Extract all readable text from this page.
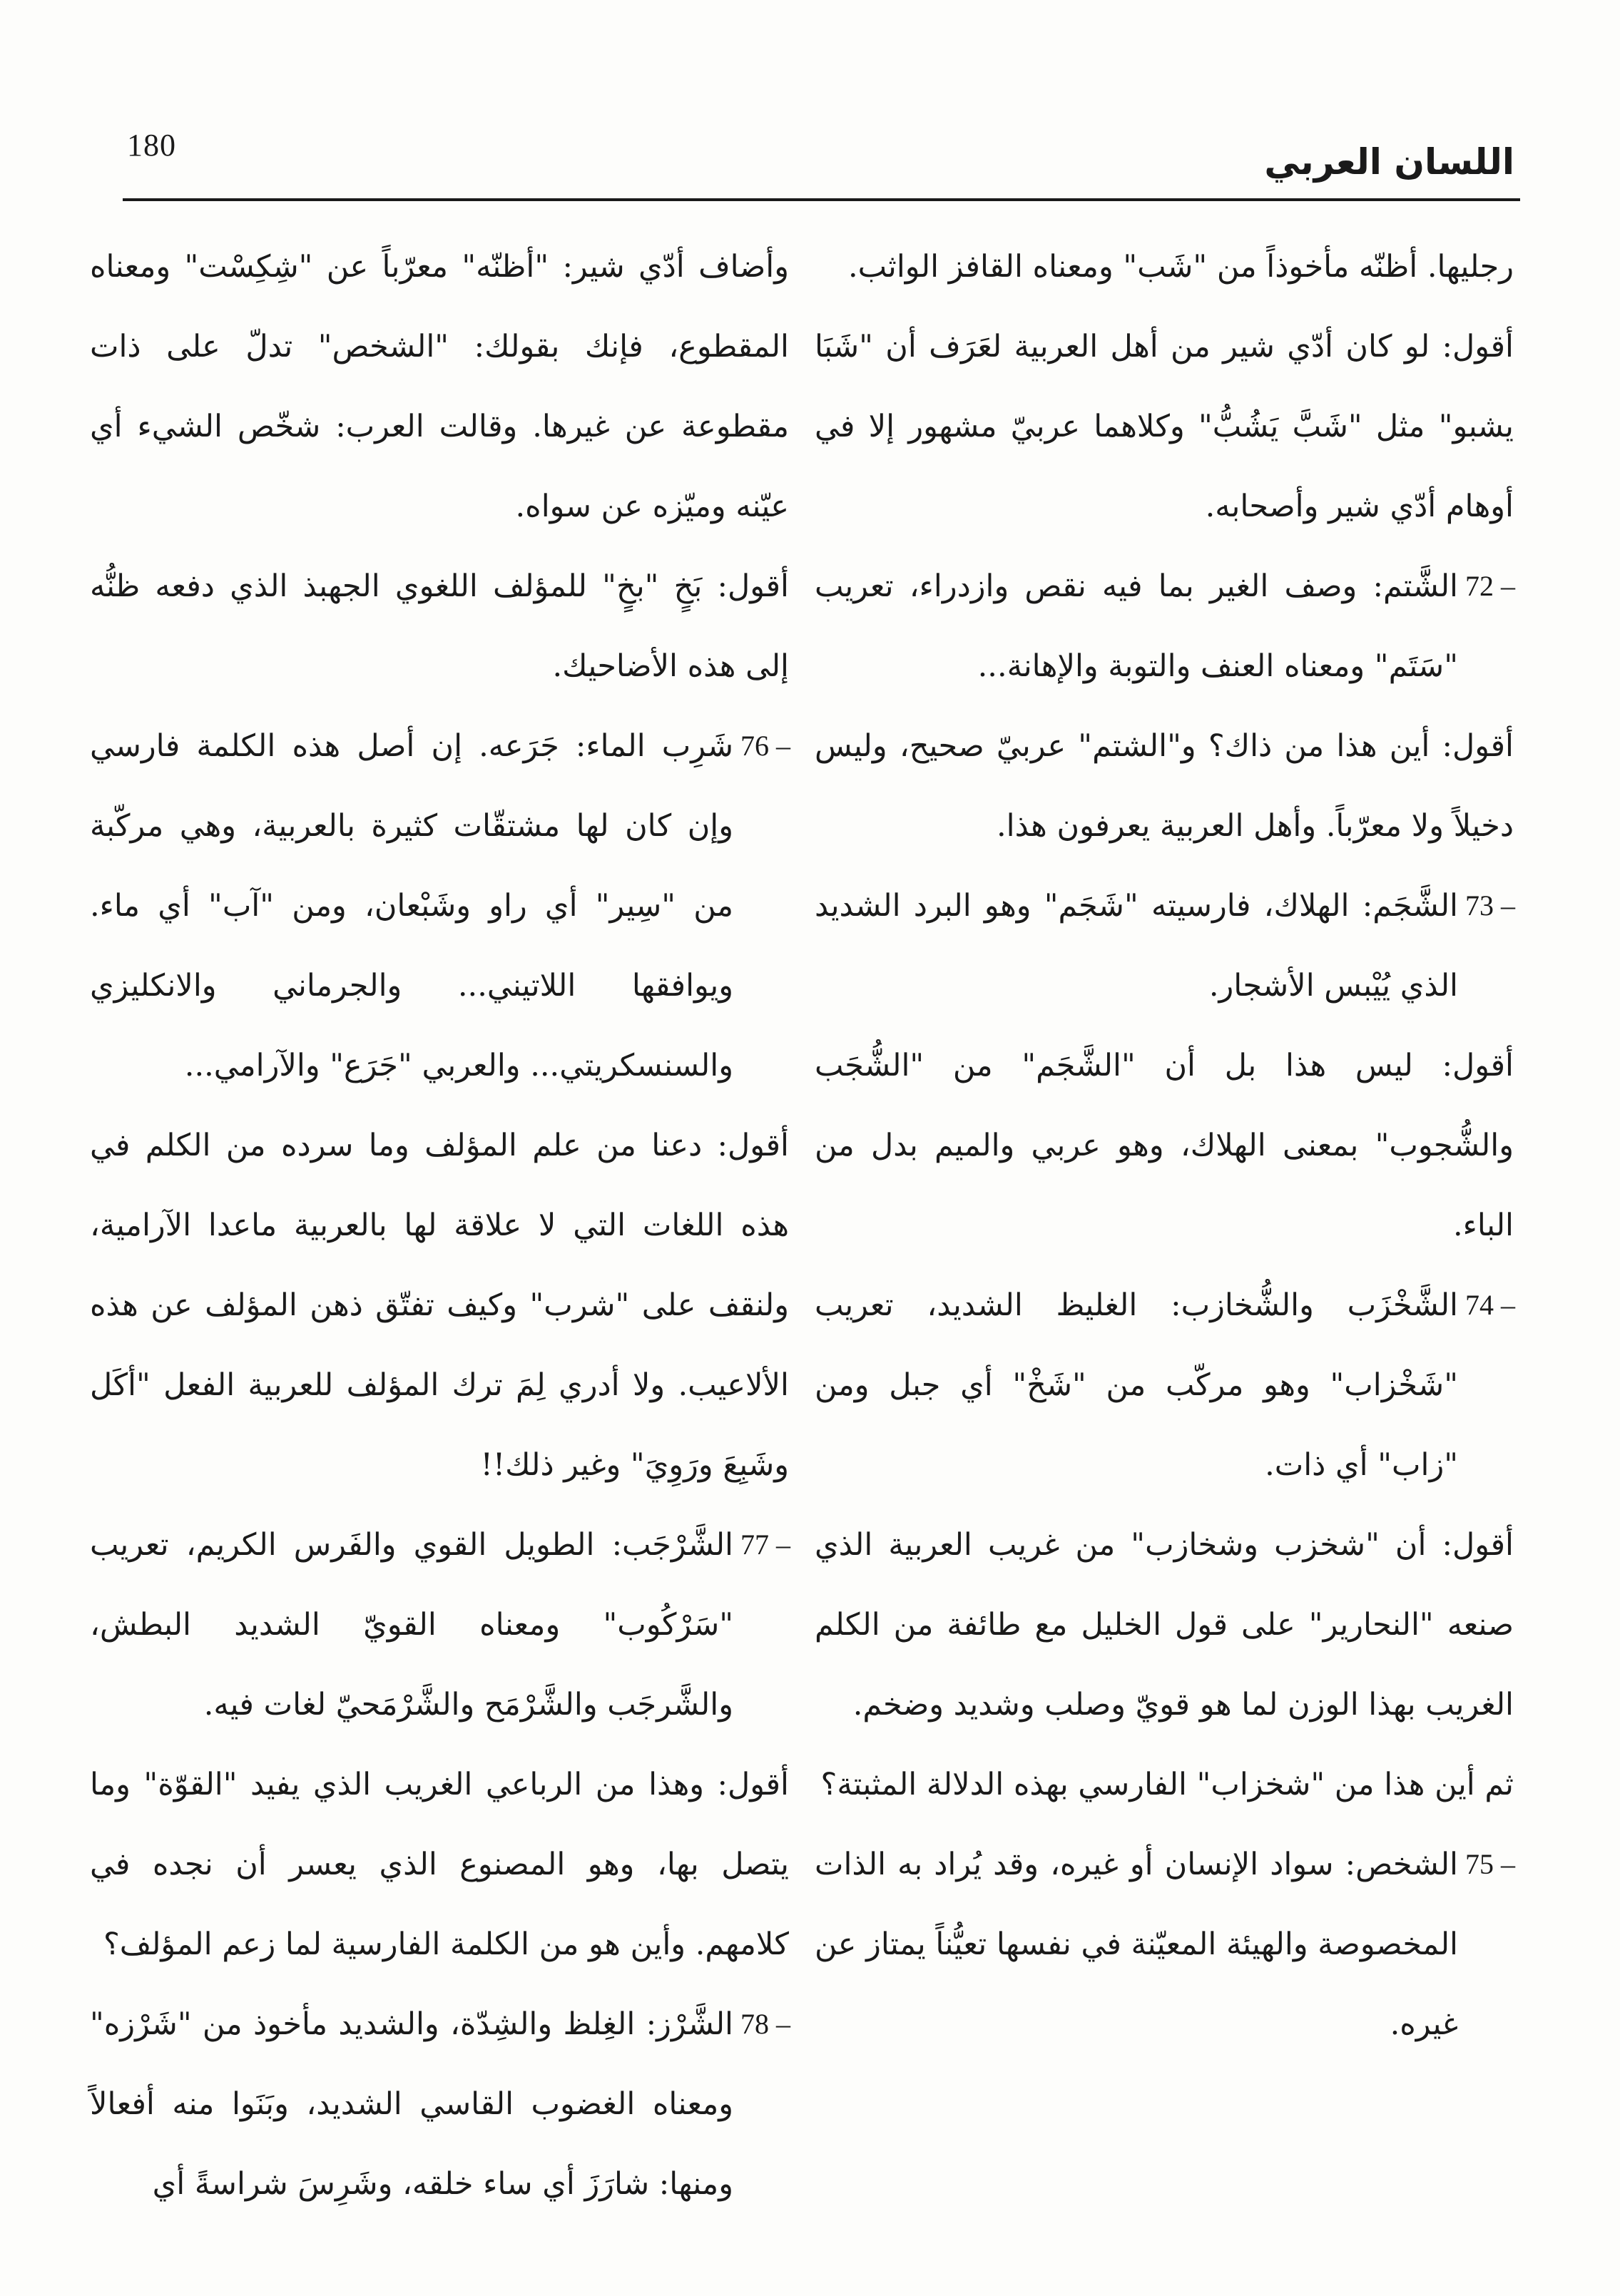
180	اللسان العربي

رجليها. أظنّه مأخوذاً من "شَب" ومعناه القافز الواثب.

أقول: لو كان أدّي شير من أهل العربية لعَرَف أن "شَبَا يشبو" مثل "شَبَّ يَشُبُّ" وكلاهما عربيّ مشهور إلا في أوهام أدّي شير وأصحابه.

72 –
الشَّتم: وصف الغير بما فيه نقص وازدراء، تعريب "سَتَم" ومعناه العنف والتوبة والإهانة...

أقول: أين هذا من ذاك؟ و"الشتم" عربيّ صحيح، وليس دخيلاً ولا معرّباً. وأهل العربية يعرفون هذا.

73 –
الشَّجَم: الهلاك، فارسيته "شَجَم" وهو البرد الشديد الذي يُيْبس الأشجار.

أقول: ليس هذا بل أن "الشَّجَم" من "الشُّجَب والشُّجوب" بمعنى الهلاك، وهو عربي والميم بدل من الباء.

74 –
الشَّخْزَب والشُّخازب: الغليظ الشديد، تعريب "شَخْزاب" وهو مركّب من "شَخْ" أي جبل ومن "زاب" أي ذات.

أقول: أن "شخزب وشخازب" من غريب العربية الذي صنعه "النحارير" على قول الخليل مع طائفة من الكلم الغريب بهذا الوزن لما هو قويّ وصلب وشديد وضخم.

ثم أين هذا من "شخزاب" الفارسي بهذه الدلالة المثبتة؟

75 –
الشخص: سواد الإنسان أو غيره، وقد يُراد به الذات المخصوصة والهيئة المعيّنة في نفسها تعيُّناً يمتاز عن غيره.

وأضاف أدّي شير: "أظنّه" معرّباً عن "شِكِسْت" ومعناه المقطوع، فإنك بقولك: "الشخص" تدلّ على ذات مقطوعة عن غيرها. وقالت العرب: شخّص الشيء أي عيّنه وميّزه عن سواه.

أقول: بَخٍ "بخٍ" للمؤلف اللغوي الجهبذ الذي دفعه ظنُّه إلى هذه الأضاحيك.

76 –
شَرِب الماء: جَرَعه. إن أصل هذه الكلمة فارسي وإن كان لها مشتقّات كثيرة بالعربية، وهي مركّبة من "سِير" أي راو وشَبْعان، ومن "آب" أي ماء. ويوافقها اللاتيني... والجرماني والانكليزي والسنسكريتي... والعربي "جَرَع" والآرامي...

أقول: دعنا من علم المؤلف وما سرده من الكلم في هذه اللغات التي لا علاقة لها بالعربية ماعدا الآرامية، ولنقف على "شرب" وكيف تفتّق ذهن المؤلف عن هذه الألاعيب. ولا أدري لِمَ ترك المؤلف للعربية الفعل "أكَل وشَبِعَ ورَوِيَ" وغير ذلك!!

77 –
الشَّرْجَب: الطويل القوي والفَرس الكريم، تعريب "سَرْكُوب" ومعناه القويّ الشديد البطش، والشَّرجَب والشَّرْمَح والشَّرْمَحيّ لغات فيه.

أقول: وهذا من الرباعي الغريب الذي يفيد "القوّة" وما يتصل بها، وهو المصنوع الذي يعسر أن نجده في كلامهم. وأين هو من الكلمة الفارسية لما زعم المؤلف؟

78 –
الشَّرْز: الغِلظ والشِدّة، والشديد مأخوذ من "شَرْزه" ومعناه الغضوب القاسي الشديد، وبَنَوا منه أفعالاً ومنها: شارَزَ أي ساء خلقه، وشَرِسَ شراسةً أي
